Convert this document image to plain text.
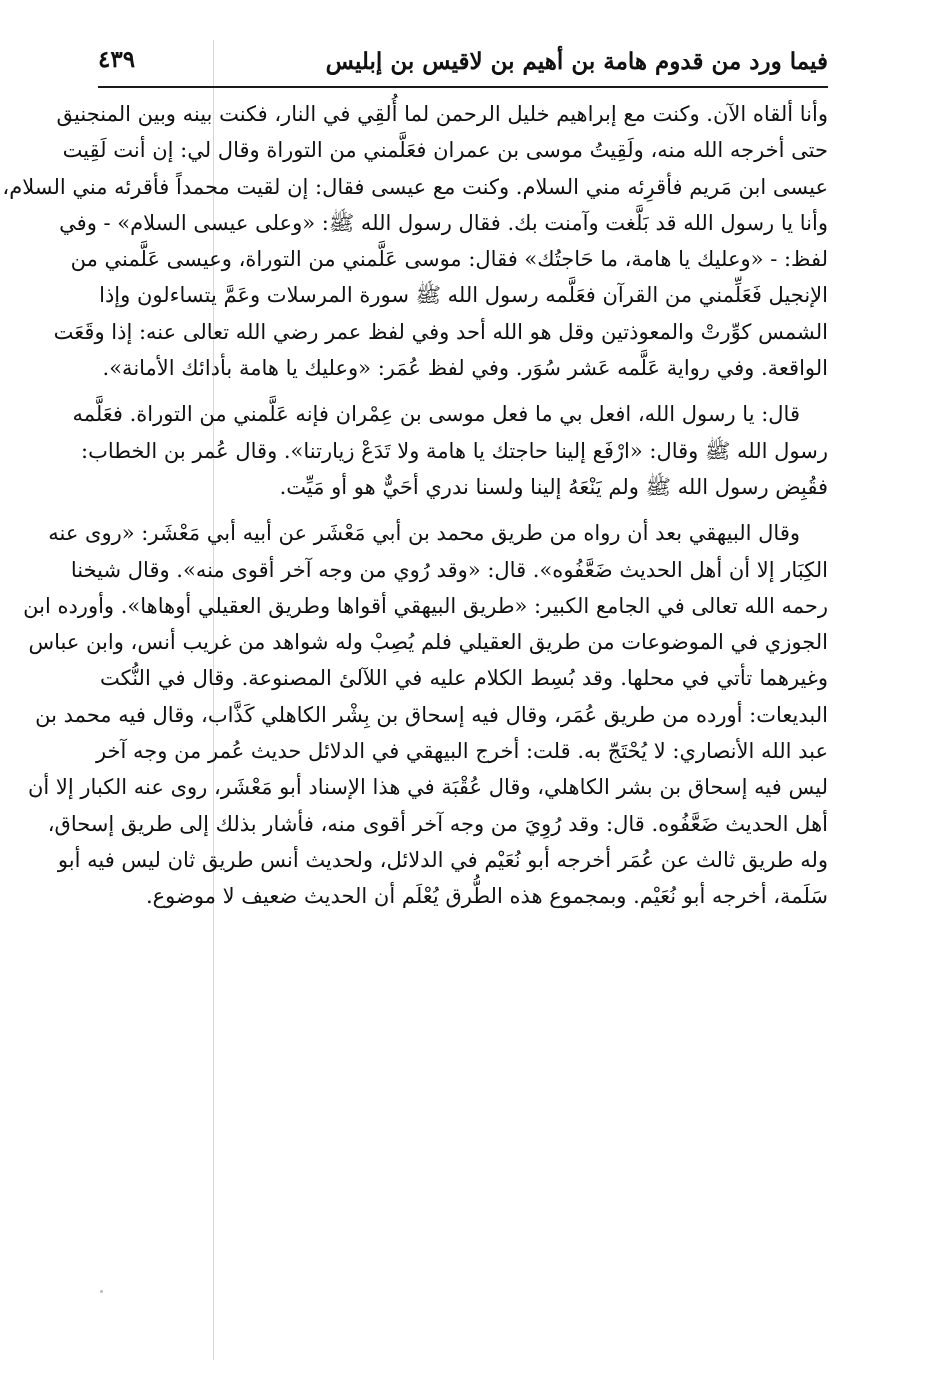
فيما ورد من قدوم هامة بن أهيم بن لاقيس بن إبليس
٤٣٩
وأنا ألقاه الآن. وكنت مع إبراهيم خليل الرحمن لما أُلقِي في النار، فكنت بينه وبين المنجنيق
حتى أخرجه الله منه، ولَقِيتُ موسى بن عمران فعَلَّمني من التوراة وقال لي: إن أنت لَقِيت
عيسى ابن مَريم فأقرِئه مني السلام. وكنت مع عيسى فقال: إن لقيت محمداً فأقرئه مني السلام،
وأنا يا رسول الله قد بَلَّغت وآمنت بك. فقال رسول الله ﷺ: «وعلى عيسى السلام» - وفي
لفظ: - «وعليك يا هامة، ما حَاجتُك» فقال: موسى عَلَّمني من التوراة، وعيسى عَلَّمني من
الإنجيل فَعَلِّمني من القرآن فعَلَّمه رسول الله ﷺ سورة المرسلات وعَمَّ يتساءلون وإذا
الشمس كوِّرتْ والمعوذتين وقل هو الله أحد وفي لفظ عمر رضي الله تعالى عنه: إذا وقَعَت
الواقعة. وفي رواية عَلَّمه عَشر سُوَر. وفي لفظ عُمَر: «وعليك يا هامة بأدائك الأمانة».
قال: يا رسول الله، افعل بي ما فعل موسى بن عِمْران فإنه عَلَّمني من التوراة. فعَلَّمه
رسول الله ﷺ وقال: «ارْفَع إلينا حاجتك يا هامة ولا تَدَعْ زيارتنا». وقال عُمر بن الخطاب:
فقُبِض رسول الله ﷺ ولم يَنْعَهُ إلينا ولسنا ندري أحَيٌّ هو أو مَيِّت.
وقال البيهقي بعد أن رواه من طريق محمد بن أبي مَعْشَر عن أبيه أبي مَعْشَر: «روى عنه
الكِبَار إلا أن أهل الحديث ضَعَّفُوه». قال: «وقد رُوي من وجه آخر أقوى منه». وقال شيخنا
رحمه الله تعالى في الجامع الكبير: «طريق البيهقي أقواها وطريق العقيلي أوهاها». وأورده ابن
الجوزي في الموضوعات من طريق العقيلي فلم يُصِبْ وله شواهد من غريب أنس، وابن عباس
وغيرهما تأتي في محلها. وقد بُسِط الكلام عليه في اللآلئ المصنوعة. وقال في النُّكت
البديعات: أورده من طريق عُمَر، وقال فيه إسحاق بن بِشْر الكاهلي كَذَّاب، وقال فيه محمد بن
عبد الله الأنصاري: لا يُحْتَجّ به. قلت: أخرج البيهقي في الدلائل حديث عُمر من وجه آخر
ليس فيه إسحاق بن بشر الكاهلي، وقال عُقْبَة في هذا الإسناد أبو مَعْشَر، روى عنه الكبار إلا أن
أهل الحديث ضَعَّفُوه. قال: وقد رُوِيَ من وجه آخر أقوى منه، فأشار بذلك إلى طريق إسحاق،
وله طريق ثالث عن عُمَر أخرجه أبو نُعَيْم في الدلائل، ولحديث أنس طريق ثان ليس فيه أبو
سَلَمة، أخرجه أبو نُعَيْم. وبمجموع هذه الطُّرق يُعْلَم أن الحديث ضعيف لا موضوع.
